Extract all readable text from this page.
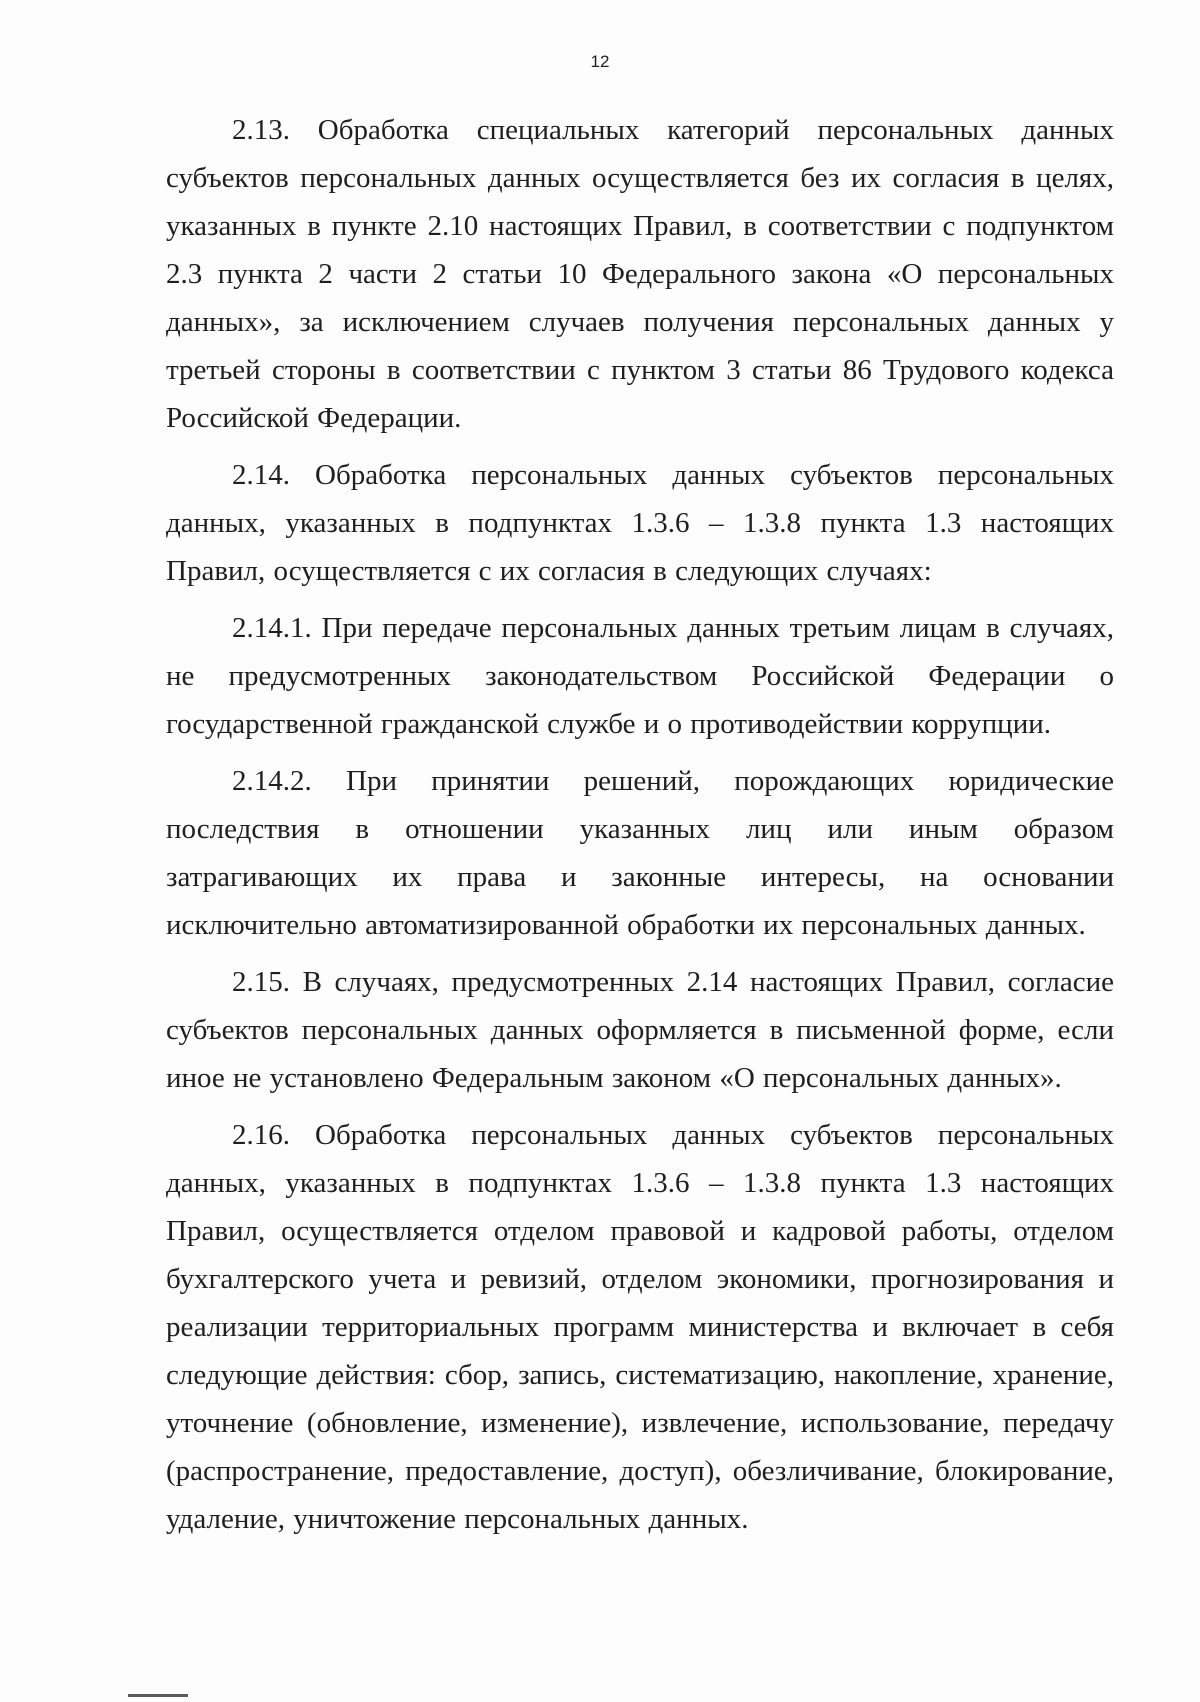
12

2.13. Обработка специальных категорий персональных данных субъектов персональных данных осуществляется без их согласия в целях, указанных в пункте 2.10 настоящих Правил, в соответствии с подпунктом 2.3 пункта 2 части 2 статьи 10 Федерального закона «О персональных данных», за исключением случаев получения персональных данных у третьей стороны в соответствии с пунктом 3 статьи 86 Трудового кодекса Российской Федерации.

2.14. Обработка персональных данных субъектов персональных данных, указанных в подпунктах 1.3.6 – 1.3.8 пункта 1.3 настоящих Правил, осуществляется с их согласия в следующих случаях:

2.14.1. При передаче персональных данных третьим лицам в случаях, не предусмотренных законодательством Российской Федерации о государственной гражданской службе и о противодействии коррупции.

2.14.2. При принятии решений, порождающих юридические последствия в отношении указанных лиц или иным образом затрагивающих их права и законные интересы, на основании исключительно автоматизированной обработки их персональных данных.

2.15. В случаях, предусмотренных 2.14 настоящих Правил, согласие субъектов персональных данных оформляется в письменной форме, если иное не установлено Федеральным законом «О персональных данных».

2.16. Обработка персональных данных субъектов персональных данных, указанных в подпунктах 1.3.6 – 1.3.8 пункта 1.3 настоящих Правил, осуществляется отделом правовой и кадровой работы, отделом бухгалтерского учета и ревизий, отделом экономики, прогнозирования и реализации территориальных программ министерства и включает в себя следующие действия: сбор, запись, систематизацию, накопление, хранение, уточнение (обновление, изменение), извлечение, использование, передачу (распространение, предоставление, доступ), обезличивание, блокирование, удаление, уничтожение персональных данных.
